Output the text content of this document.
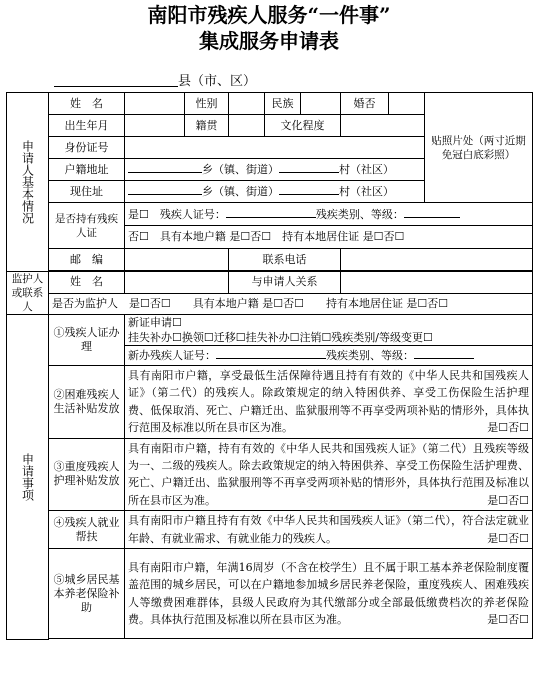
南阳市残疾人服务“一件事”
集成服务申请表
县（市、区）
申请人基本情况	姓　名		性别		民族		婚否		贴照片处（两寸近期免冠白底彩照）
	出生年月		籍贯		文化程度				
	身份证号								
	户籍地址	乡（镇、街道） 村（社区）							
	现住址	乡（镇、街道） 村（社区）							
	是否持有残疾人证	是☐　 残疾人证号： 残疾类别、等级：							
		否☐　 具有本地户籍 是☐否☐　 持有本地居住证 是☐否☐							
	邮　编			联系电话					

监护人或联系人	姓　名			与申请人关系					
	是否为监护人　是☐否☐　　具有本地户籍 是☐否☐　　持有本地居住证 是☐否☐								
申请事项	①残疾人证办理	新证申请☐
挂失补办☐换领☐迁移☐挂失补办☐注销☐残疾类别/等级变更☐							

		新办残疾人证号： 残疾类别、等级：							
	②困难残疾人生活补贴发放	具有南阳市户籍，享受最低生活保障待遇且持有有效的《中华人民共和国残疾人证》（第二代）的残疾人。除政策规定的纳入特困供养、享受工伤保险生活护理费、低保取消、死亡、户籍迁出、监狱服刑等不再享受两项补贴的情形外，具体执行范围及标准以所在县市区为准。 是☐否☐							

	③重度残疾人护理补贴发放	具有南阳市户籍，持有有效的《中华人民共和国残疾人证》（第二代）且残疾等级为一、二级的残疾人。除去政策规定的纳入特困供养、享受工伤保险生活护理费、死亡、户籍迁出、监狱服刑等不再享受两项补贴的情形外，具体执行范围及标准以所在县市区为准。 是☐否☐							

	④残疾人就业帮扶	具有南阳市户籍且持有有效《中华人民共和国残疾人证》（第二代），符合法定就业年龄、有就业需求、有就业能力的残疾人。 是☐否☐							

	⑤城乡居民基本养老保险补助	具有南阳市户籍，年满16周岁（不含在校学生）且不属于职工基本养老保险制度覆盖范围的城乡居民，可以在户籍地参加城乡居民养老保险，重度残疾人、困难残疾人等缴费困难群体，县级人民政府为其代缴部分或全部最低缴费档次的养老保险费。具体执行范围及标准以所在县市区为准。 是☐否☐							
